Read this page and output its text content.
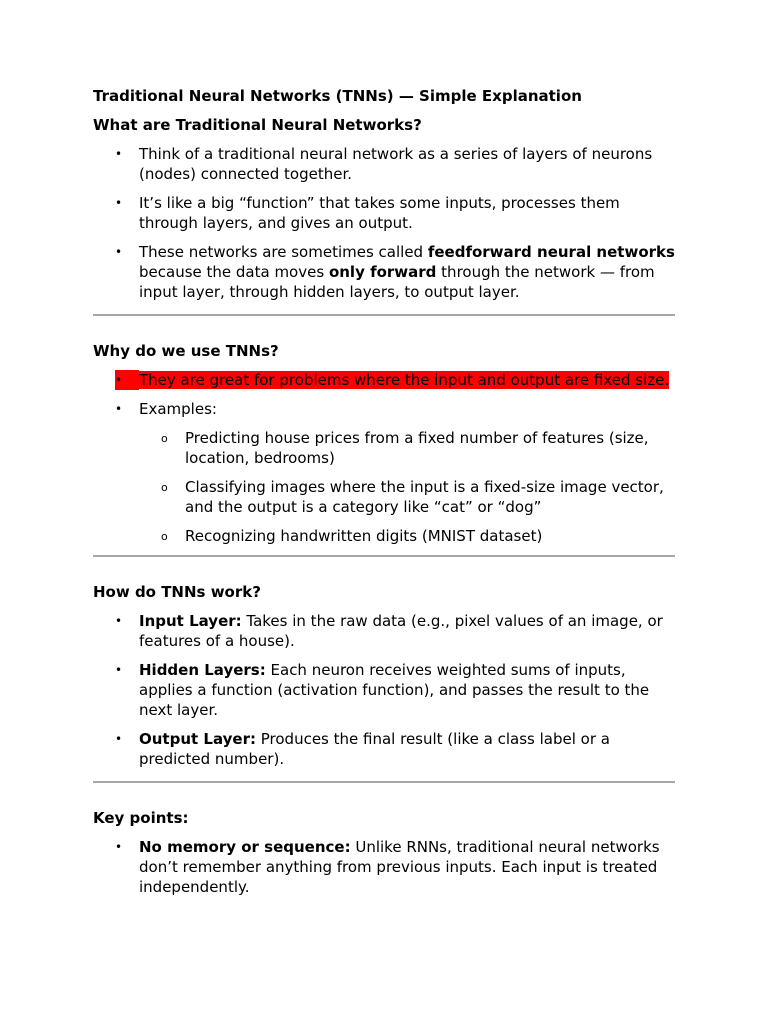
Traditional Neural Networks (TNNs) — Simple Explanation
What are Traditional Neural Networks?
• Think of a traditional neural network as a series of layers of neurons (nodes) connected together.
• It’s like a big “function” that takes some inputs, processes them through layers, and gives an output.
• These networks are sometimes called feedforward neural networks because the data moves only forward through the network — from input layer, through hidden layers, to output layer.
Why do we use TNNs?
•	They are great for problems where the input and output are fixed size.
• Examples:
o Predicting house prices from a fixed number of features (size, location, bedrooms)
o Classifying images where the input is a fixed-size image vector, and the output is a category like “cat” or “dog”
o Recognizing handwritten digits (MNIST dataset)
How do TNNs work?
• Input Layer: Takes in the raw data (e.g., pixel values of an image, or features of a house).
• Hidden Layers: Each neuron receives weighted sums of inputs, applies a function (activation function), and passes the result to the next layer.
• Output Layer: Produces the final result (like a class label or a predicted number).
Key points:
• No memory or sequence: Unlike RNNs, traditional neural networks don’t remember anything from previous inputs. Each input is treated independently.
